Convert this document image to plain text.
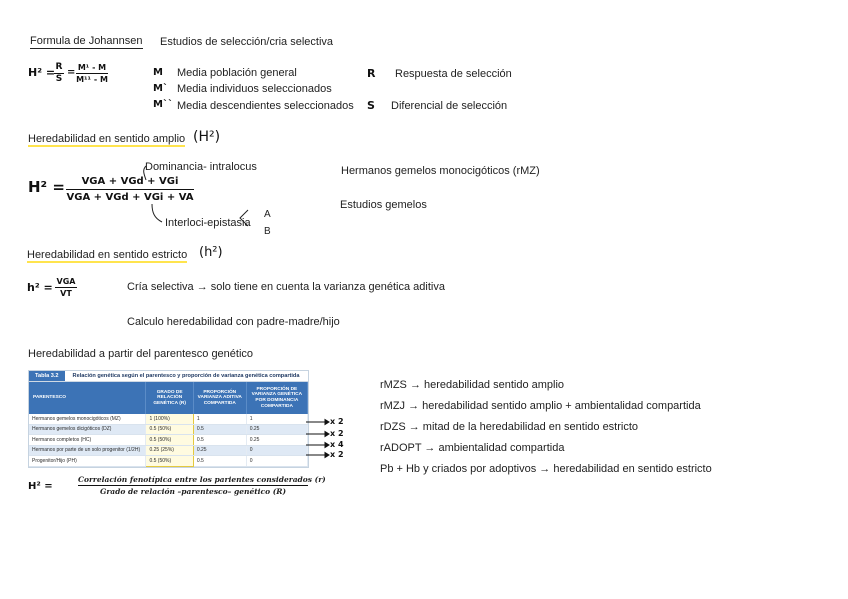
Formula de Johannsen Estudios de selección/cria selectiva
H² = R
S
= $\frac{\text{M¹ - M}}{\text{M¹¹ - M}}$	M Media población general
M` Media individuos seleccionados
M`` Media descendientes seleccionados
R Respuesta de selección
S Diferencial de selección
Heredabilidad en sentido amplio (H²)
H² =	VGA + VGd + VGi
VGA + VGd + VGi + VA
Dominancia- intralocus
Interloci-epistasia
A
B
Hermanos gemelos monocigóticos (rMZ)
Estudios gemelos
Heredabilidad en sentido estricto (h²)
h² = VGA
VT
Cría selectiva → solo tiene en cuenta la varianza genética aditiva
Calculo heredabilidad con padre-madre/hijo
Heredabilidad a partir del parentesco genético
Tabla 3.2	Relación genética según el parentesco y proporción de varianza genética compartida
PARENTESCO	GRADO DE RELACIÓN GENÉTICA (R)	PROPORCIÓN VARIANZA ADITIVA COMPARTIDA	PROPORCIÓN DE VARIANZA GENÉTICA POR DOMINANCIA COMPARTIDA
Hermanos gemelos monocigóticos (MZ)	1 (100%)	1	1
Hermanos gemelos dicigóticos (DZ)	0.5 (50%)	0.5	0.25
Hermanos completos (HC)	0.5 (50%)	0.5	0.25
Hermanos por parte de un solo progenitor (1/2H)	0.25 (25%)	0.25	0
Progenitor/Hijo (PH)	0.5 (50%)	0.5	0
x 2
x 2
x 4
x 2
H² =
Correlación fenotípica entre los parientes considerados (r)
Grado de relación –parentesco– genético (R)
rMZS → heredabilidad sentido amplio
rMZJ → heredabilidad sentido amplio + ambientalidad compartida
rDZS → mitad de la heredabilidad en sentido estricto
rADOPT → ambientalidad compartida
Pb + Hb y criados por adoptivos → heredabilidad en sentido estricto
